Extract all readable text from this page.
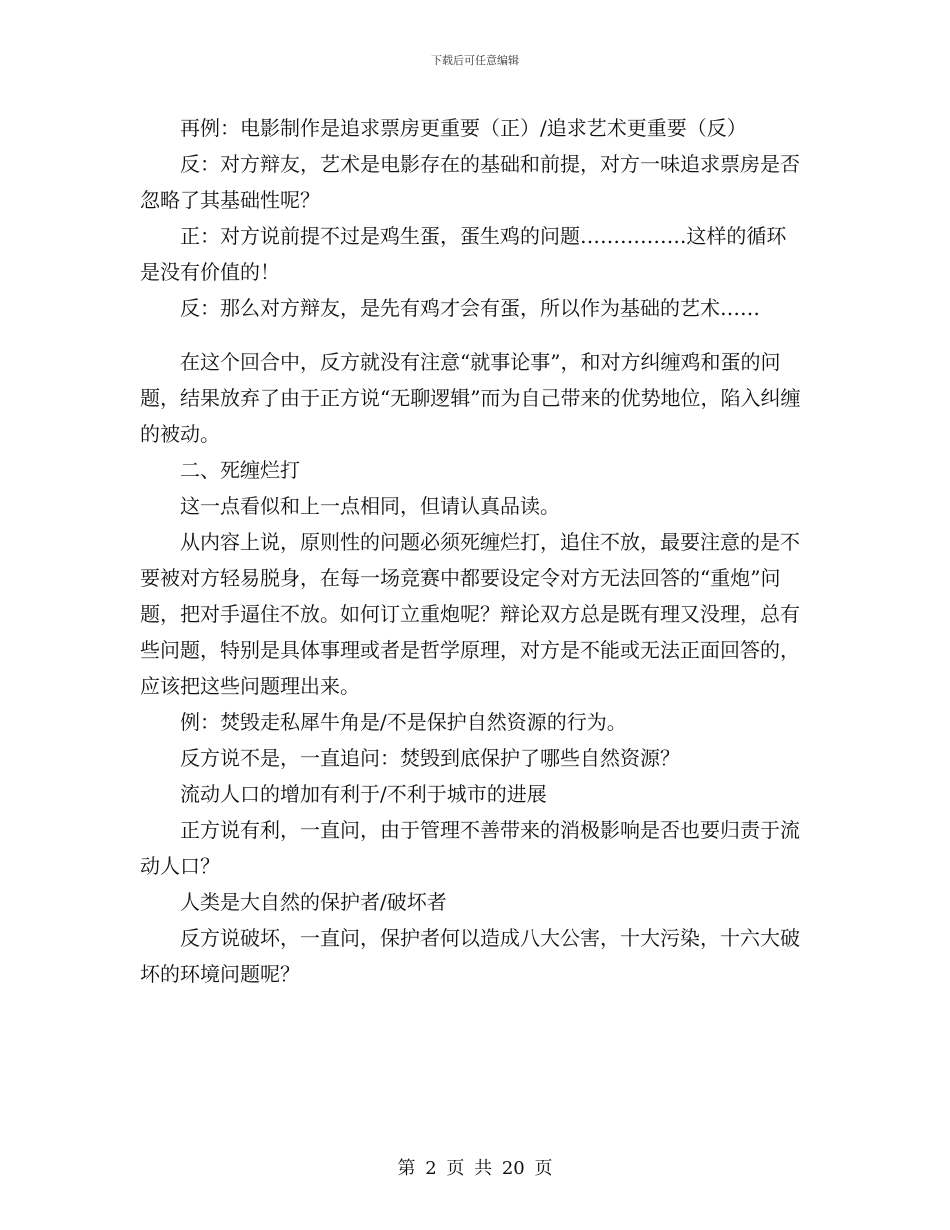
下载后可任意编辑

再例：电影制作是追求票房更重要（正）/追求艺术更重要（反）

反：对方辩友，艺术是电影存在的基础和前提，对方一味追求票房是否忽略了其基础性呢？

正：对方说前提不过是鸡生蛋，蛋生鸡的问题…………….这样的循环是没有价值的！

反：那么对方辩友，是先有鸡才会有蛋，所以作为基础的艺术……

在这个回合中，反方就没有注意“就事论事”，和对方纠缠鸡和蛋的问题，结果放弃了由于正方说“无聊逻辑”而为自己带来的优势地位，陷入纠缠的被动。

二、死缠烂打

这一点看似和上一点相同，但请认真品读。

从内容上说，原则性的问题必须死缠烂打，追住不放，最要注意的是不要被对方轻易脱身，在每一场竞赛中都要设定令对方无法回答的“重炮”问题，把对手逼住不放。如何订立重炮呢？辩论双方总是既有理又没理，总有些问题，特别是具体事理或者是哲学原理，对方是不能或无法正面回答的，应该把这些问题理出来。

例：焚毁走私犀牛角是/不是保护自然资源的行为。

反方说不是，一直追问：焚毁到底保护了哪些自然资源？

流动人口的增加有利于/不利于城市的进展

正方说有利，一直问，由于管理不善带来的消极影响是否也要归责于流动人口？

人类是大自然的保护者/破坏者

反方说破坏，一直问，保护者何以造成八大公害，十大污染，十六大破坏的环境问题呢？

第 2 页 共 20 页
